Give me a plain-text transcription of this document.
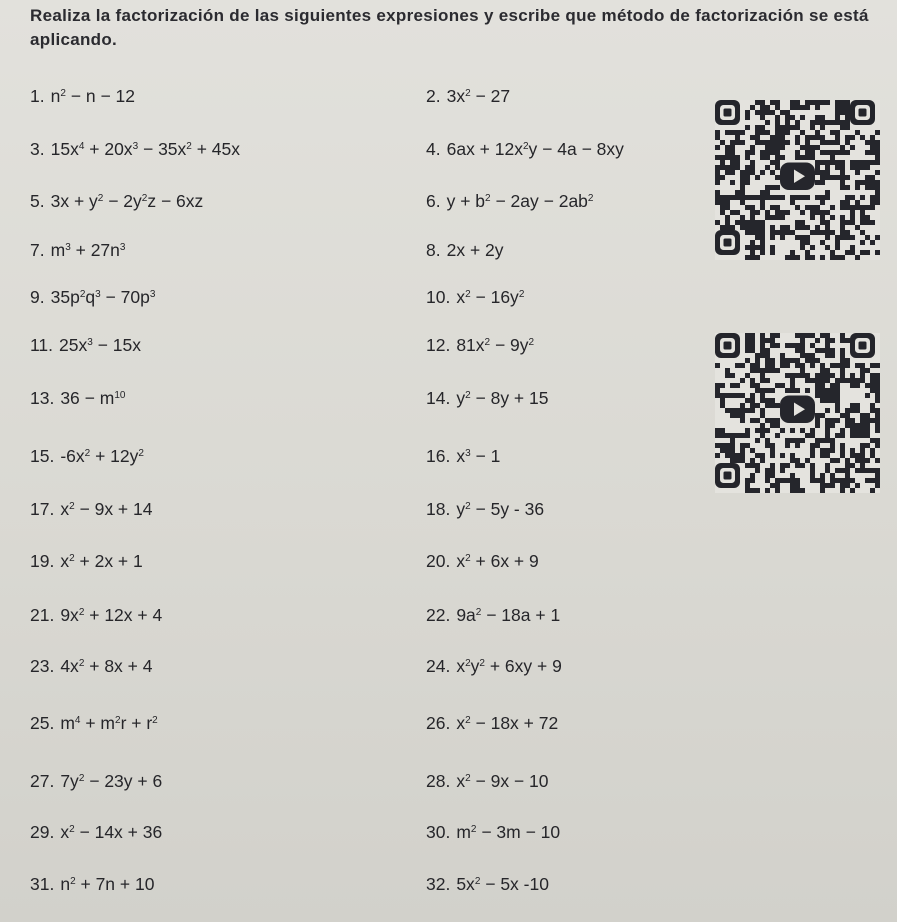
Realiza la factorización de las siguientes expresiones y escribe que método de factorización se está aplicando.
1. $n^2 - n - 12$	2. $3x^2 - 27$
3. $15x^4 + 20x^3 - 35x^2 + 45x$	4. $6ax + 12x^2y - 4a - 8xy$
5. $3x + y^2 - 2y^2z - 6xz$	6. $y + b^2 - 2ay - 2ab^2$
7. $m^3 + 27n^3$	8. 2x + 2y
9. $35p^2q^3 - 70p^3$	10. $x^2 - 16y^2$
11. $25x^3 - 15x$	12. $81x^2 - 9y^2$
13. $36 - m^{10}$	14. $y^2 - 8y + 15$
15. $-6x^2 + 12y^2$	16. $x^3 - 1$
17. $x^2 - 9x + 14$	18. $y^2 - 5y - 36$
19. $x^2 + 2x + 1$	20. $x^2 + 6x + 9$
21. $9x^2 + 12x + 4$	22. $9a^2 - 18a + 1$
23. $4x^2 + 8x + 4$	24. $x^2y^2 + 6xy + 9$
25. $m^4 + m^2r + r^2$	26. $x^2 - 18x + 72$
27. $7y^2 - 23y + 6$	28. $x^2 - 9x - 10$
29. $x^2 - 14x + 36$	30. $m^2 - 3m - 10$
31. $n^2 + 7n + 10$	32. $5x^2 - 5x$ -10
